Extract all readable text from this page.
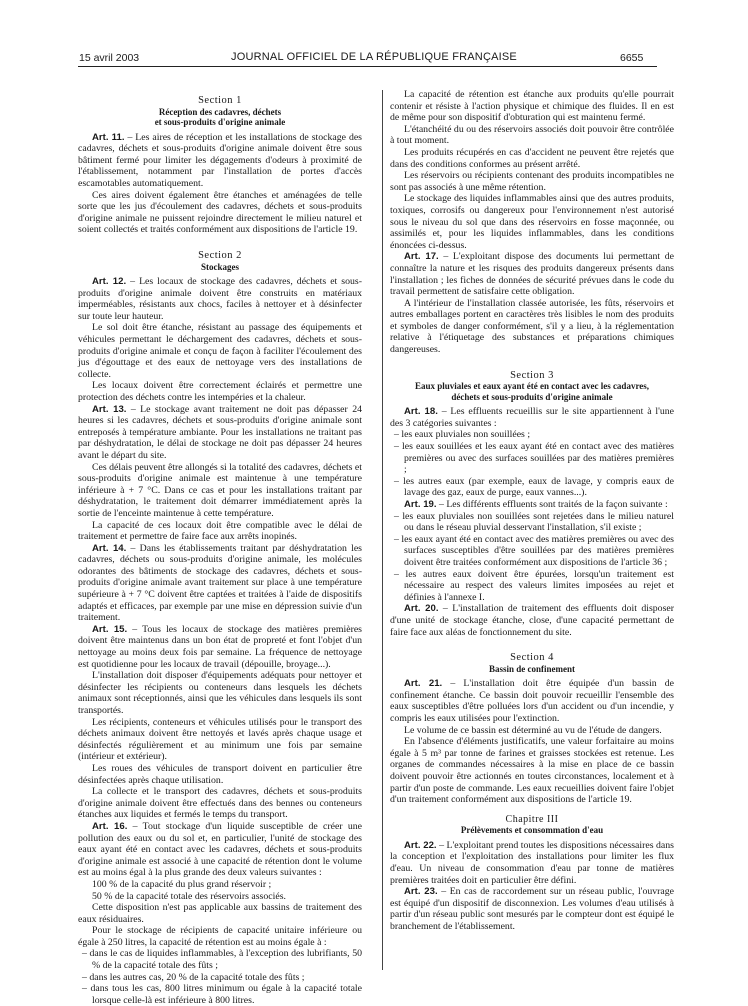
15 avril 2003	JOURNAL OFFICIEL DE LA RÉPUBLIQUE FRANÇAISE	6655
Section 1
Réception des cadavres, déchets
et sous-produits d'origine animale

Art. 11. – Les aires de réception et les installations de stockage des cadavres, déchets et sous-produits d'origine animale doivent être sous bâtiment fermé pour limiter les dégagements d'odeurs à proximité de l'établissement, notamment par l'installation de portes d'accès escamotables automatiquement.

Ces aires doivent également être étanches et aménagées de telle sorte que les jus d'écoulement des cadavres, déchets et sous-produits d'origine animale ne puissent rejoindre directement le milieu naturel et soient collectés et traités conformément aux dispositions de l'article 19.

Section 2
Stockages

Art. 12. – Les locaux de stockage des cadavres, déchets et sous-produits d'origine animale doivent être construits en matériaux imperméables, résistants aux chocs, faciles à nettoyer et à désinfecter sur toute leur hauteur.

Le sol doit être étanche, résistant au passage des équipements et véhicules permettant le déchargement des cadavres, déchets et sous-produits d'origine animale et conçu de façon à faciliter l'écoulement des jus d'égouttage et des eaux de nettoyage vers des installations de collecte.

Les locaux doivent être correctement éclairés et permettre une protection des déchets contre les intempéries et la chaleur.

Art. 13. – Le stockage avant traitement ne doit pas dépasser 24 heures si les cadavres, déchets et sous-produits d'origine animale sont entreposés à température ambiante. Pour les installations ne traitant pas par déshydratation, le délai de stockage ne doit pas dépasser 24 heures avant le départ du site.

Ces délais peuvent être allongés si la totalité des cadavres, déchets et sous-produits d'origine animale est maintenue à une température inférieure à + 7 °C. Dans ce cas et pour les installations traitant par déshydratation, le traitement doit démarrer immédiatement après la sortie de l'enceinte maintenue à cette température.

La capacité de ces locaux doit être compatible avec le délai de traitement et permettre de faire face aux arrêts inopinés.

Art. 14. – Dans les établissements traitant par déshydratation les cadavres, déchets ou sous-produits d'origine animale, les molécules odorantes des bâtiments de stockage des cadavres, déchets et sous-produits d'origine animale avant traitement sur place à une température supérieure à + 7 °C doivent être captées et traitées à l'aide de dispositifs adaptés et efficaces, par exemple par une mise en dépression suivie d'un traitement.

Art. 15. – Tous les locaux de stockage des matières premières doivent être maintenus dans un bon état de propreté et font l'objet d'un nettoyage au moins deux fois par semaine. La fréquence de nettoyage est quotidienne pour les locaux de travail (dépouille, broyage...).

L'installation doit disposer d'équipements adéquats pour nettoyer et désinfecter les récipients ou conteneurs dans lesquels les déchets animaux sont réceptionnés, ainsi que les véhicules dans lesquels ils sont transportés.

Les récipients, conteneurs et véhicules utilisés pour le transport des déchets animaux doivent être nettoyés et lavés après chaque usage et désinfectés régulièrement et au minimum une fois par semaine (intérieur et extérieur).

Les roues des véhicules de transport doivent en particulier être désinfectées après chaque utilisation.

La collecte et le transport des cadavres, déchets et sous-produits d'origine animale doivent être effectués dans des bennes ou conteneurs étanches aux liquides et fermés le temps du transport.

Art. 16. – Tout stockage d'un liquide susceptible de créer une pollution des eaux ou du sol et, en particulier, l'unité de stockage des eaux ayant été en contact avec les cadavres, déchets et sous-produits d'origine animale est associé à une capacité de rétention dont le volume est au moins égal à la plus grande des deux valeurs suivantes :

100 % de la capacité du plus grand réservoir ;

50 % de la capacité totale des réservoirs associés.

Cette disposition n'est pas applicable aux bassins de traitement des eaux résiduaires.

Pour le stockage de récipients de capacité unitaire inférieure ou égale à 250 litres, la capacité de rétention est au moins égale à :

– dans le cas de liquides inflammables, à l'exception des lubrifiants, 50 % de la capacité totale des fûts ;
– dans les autres cas, 20 % de la capacité totale des fûts ;
– dans tous les cas, 800 litres minimum ou égale à la capacité totale lorsque celle-là est inférieure à 800 litres.

La capacité de rétention est étanche aux produits qu'elle pourrait contenir et résiste à l'action physique et chimique des fluides. Il en est de même pour son dispositif d'obturation qui est maintenu fermé.

L'étanchéité du ou des réservoirs associés doit pouvoir être contrôlée à tout moment.

Les produits récupérés en cas d'accident ne peuvent être rejetés que dans des conditions conformes au présent arrêté.

Les réservoirs ou récipients contenant des produits incompatibles ne sont pas associés à une même rétention.

Le stockage des liquides inflammables ainsi que des autres produits, toxiques, corrosifs ou dangereux pour l'environnement n'est autorisé sous le niveau du sol que dans des réservoirs en fosse maçonnée, ou assimilés et, pour les liquides inflammables, dans les conditions énoncées ci-dessus.

Art. 17. – L'exploitant dispose des documents lui permettant de connaître la nature et les risques des produits dangereux présents dans l'installation ; les fiches de données de sécurité prévues dans le code du travail permettent de satisfaire cette obligation.

A l'intérieur de l'installation classée autorisée, les fûts, réservoirs et autres emballages portent en caractères très lisibles le nom des produits et symboles de danger conformément, s'il y a lieu, à la réglementation relative à l'étiquetage des substances et préparations chimiques dangereuses.

Section 3
Eaux pluviales et eaux ayant été en contact avec les cadavres,
déchets et sous-produits d'origine animale

Art. 18. – Les effluents recueillis sur le site appartiennent à l'une des 3 catégories suivantes :

– les eaux pluviales non souillées ;
– les eaux souillées et les eaux ayant été en contact avec des matières premières ou avec des surfaces souillées par des matières premières ;
– les autres eaux (par exemple, eaux de lavage, y compris eaux de lavage des gaz, eaux de purge, eaux vannes...).

Art. 19. – Les différents effluents sont traités de la façon suivante :

– les eaux pluviales non souillées sont rejetées dans le milieu naturel ou dans le réseau pluvial desservant l'installation, s'il existe ;
– les eaux ayant été en contact avec des matières premières ou avec des surfaces susceptibles d'être souillées par des matières premières doivent être traitées conformément aux dispositions de l'article 36 ;
– les autres eaux doivent être épurées, lorsqu'un traitement est nécessaire au respect des valeurs limites imposées au rejet et définies à l'annexe I.

Art. 20. – L'installation de traitement des effluents doit disposer d'une unité de stockage étanche, close, d'une capacité permettant de faire face aux aléas de fonctionnement du site.

Section 4
Bassin de confinement

Art. 21. – L'installation doit être équipée d'un bassin de confinement étanche. Ce bassin doit pouvoir recueillir l'ensemble des eaux susceptibles d'être polluées lors d'un accident ou d'un incendie, y compris les eaux utilisées pour l'extinction.

Le volume de ce bassin est déterminé au vu de l'étude de dangers.

En l'absence d'éléments justificatifs, une valeur forfaitaire au moins égale à 5 m³ par tonne de farines et graisses stockées est retenue. Les organes de commandes nécessaires à la mise en place de ce bassin doivent pouvoir être actionnés en toutes circonstances, localement et à partir d'un poste de commande. Les eaux recueillies doivent faire l'objet d'un traitement conformément aux dispositions de l'article 19.

Chapitre III
Prélèvements et consommation d'eau

Art. 22. – L'exploitant prend toutes les dispositions nécessaires dans la conception et l'exploitation des installations pour limiter les flux d'eau. Un niveau de consommation d'eau par tonne de matières premières traitées doit en particulier être défini.

Art. 23. – En cas de raccordement sur un réseau public, l'ouvrage est équipé d'un dispositif de disconnexion. Les volumes d'eau utilisés à partir d'un réseau public sont mesurés par le compteur dont est équipé le branchement de l'établissement.
